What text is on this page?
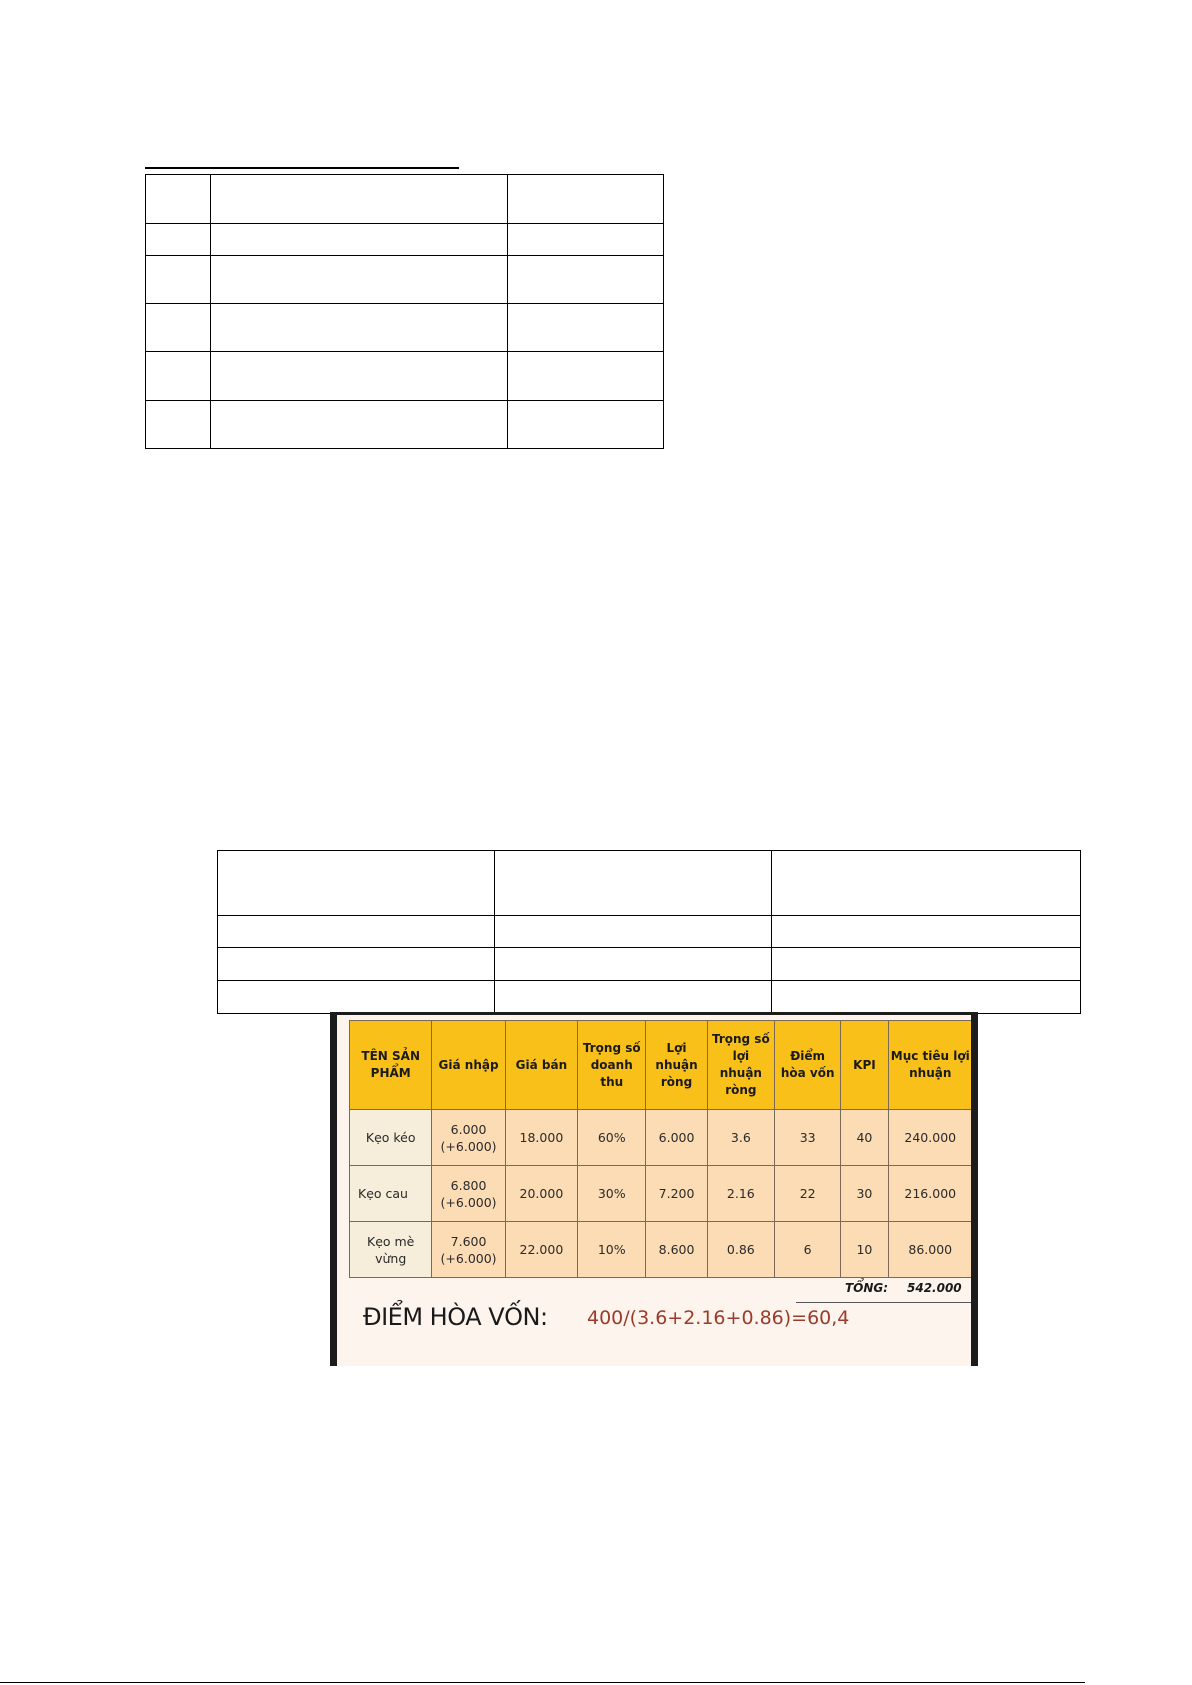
TÊN SẢN PHẨM	Giá nhập	Giá bán	Trọng số doanh thu	Lợi nhuận ròng	Trọng số lợi nhuận ròng	Điểm hòa vốn	KPI	Mục tiêu lợi nhuận
Kẹo kéo	6.000 (+6.000)	18.000	60%	6.000	3.6	33	40	240.000
Kẹo cau	6.800 (+6.000)	20.000	30%	7.200	2.16	22	30	216.000
Kẹo mè vừng	7.600 (+6.000)	22.000	10%	8.600	0.86	6	10	86.000
TỔNG: 542.000
ĐIỂM HÒA VỐN: 400/(3.6+2.16+0.86)=60,4
